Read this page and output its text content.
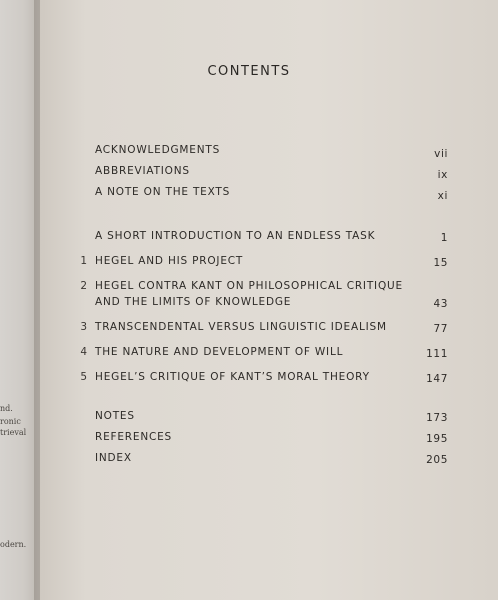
nd.
ronic
trieval
odern.
CONTENTS
ACKNOWLEDGMENTS	vii
ABBREVIATIONS	ix
A NOTE ON THE TEXTS	xi
A SHORT INTRODUCTION TO AN ENDLESS TASK	1
1 HEGEL AND HIS PROJECT	15
2 HEGEL CONTRA KANT ON PHILOSOPHICAL CRITIQUE
AND THE LIMITS OF KNOWLEDGE	43
3 TRANSCENDENTAL VERSUS LINGUISTIC IDEALISM	77
4 THE NATURE AND DEVELOPMENT OF WILL	111
5 HEGEL’S CRITIQUE OF KANT’S MORAL THEORY	147
NOTES	173
REFERENCES	195
INDEX	205
